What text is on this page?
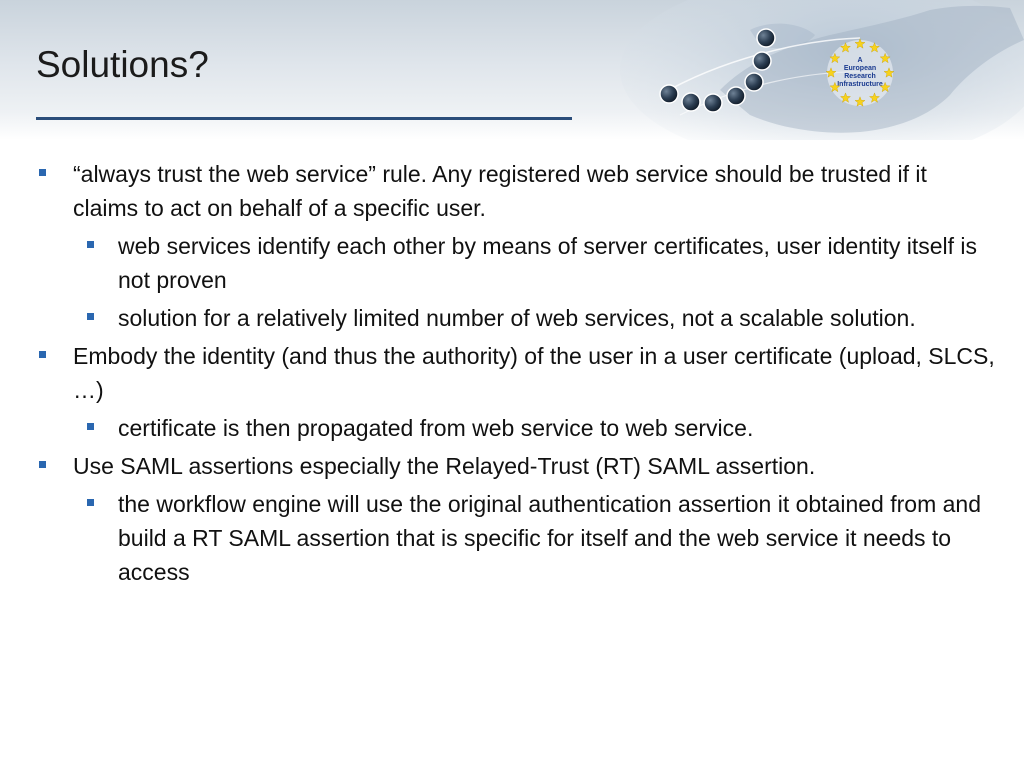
Solutions?	A
European
Research
Infrastructure
“always trust the web service” rule. Any registered web service should be trusted if it claims to act on behalf of a specific user.
web services identify each other by means of server certificates, user identity itself is not proven
solution for a relatively limited number of web services, not a scalable solution.
Embody the identity (and thus the authority) of the user in a user certificate (upload, SLCS, …)
certificate is then propagated from web service to web service.
Use SAML assertions especially the Relayed-Trust (RT) SAML assertion.
the workflow engine will use the original authentication assertion it obtained from and build a RT SAML assertion that is specific for itself and the web service it needs to access
